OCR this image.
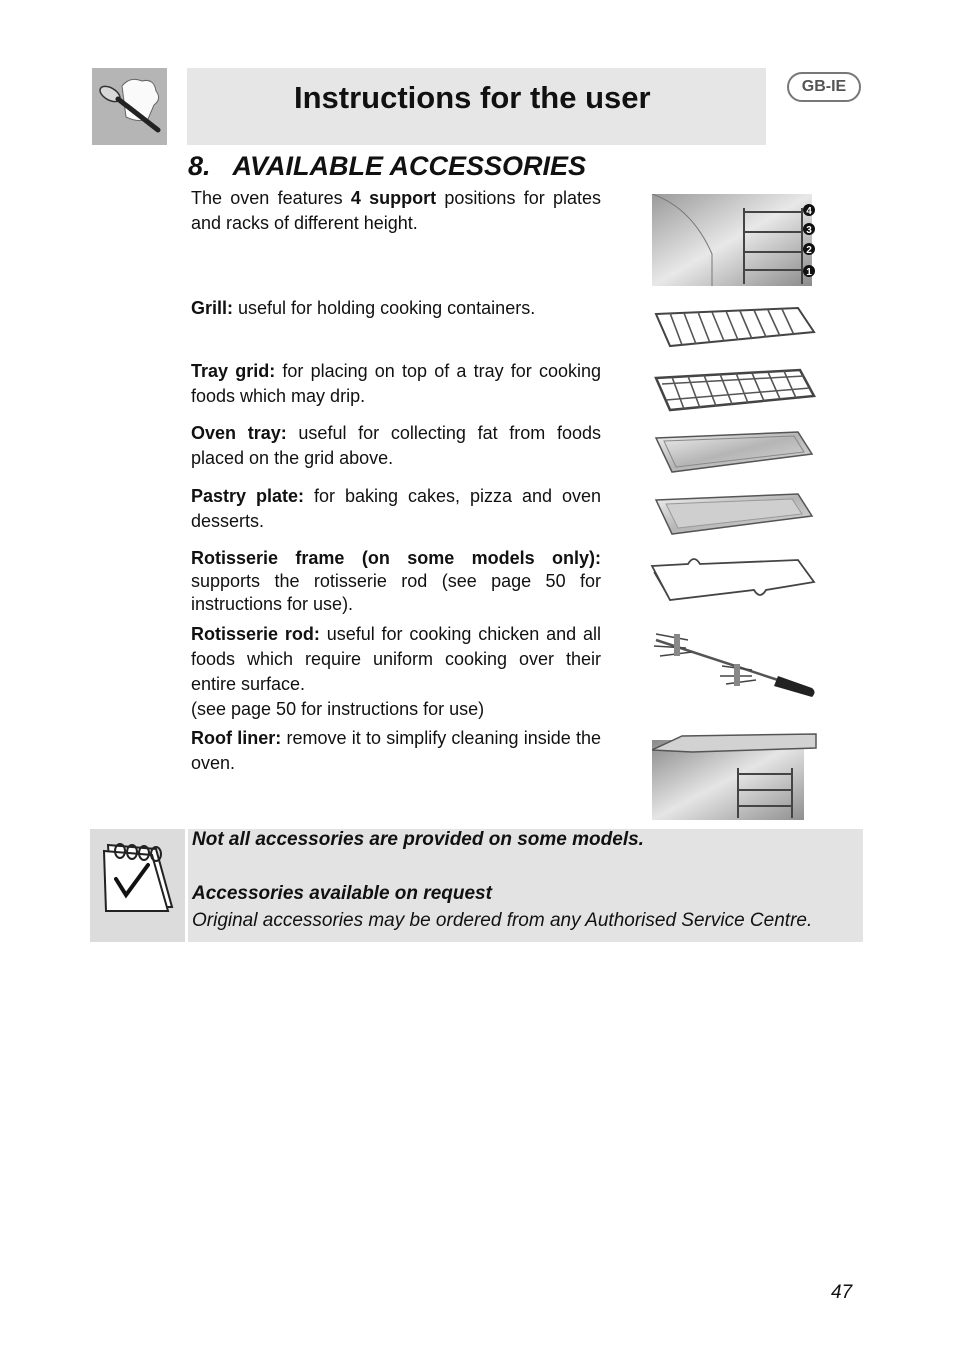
Instructions for the user	GB-IE
8. AVAILABLE ACCESSORIES
The oven features 4 support positions for plates and racks of different height.
Grill: useful for holding cooking containers.
Tray grid: for placing on top of a tray for cooking foods which may drip.
Oven tray: useful for collecting fat from foods placed on the grid above.
Pastry plate: for baking cakes, pizza and oven desserts.
Rotisserie frame (on some models only): supports the rotisserie rod (see page 50 for instructions for use).
Rotisserie rod: useful for cooking chicken and all foods which require uniform cooking over their entire surface.
(see page 50 for instructions for use)
Roof liner: remove it to simplify cleaning inside the oven.
4
3
2
1
Not all accessories are provided on some models.
Accessories available on request
Original accessories may be ordered from any Authorised Service Centre.
47
